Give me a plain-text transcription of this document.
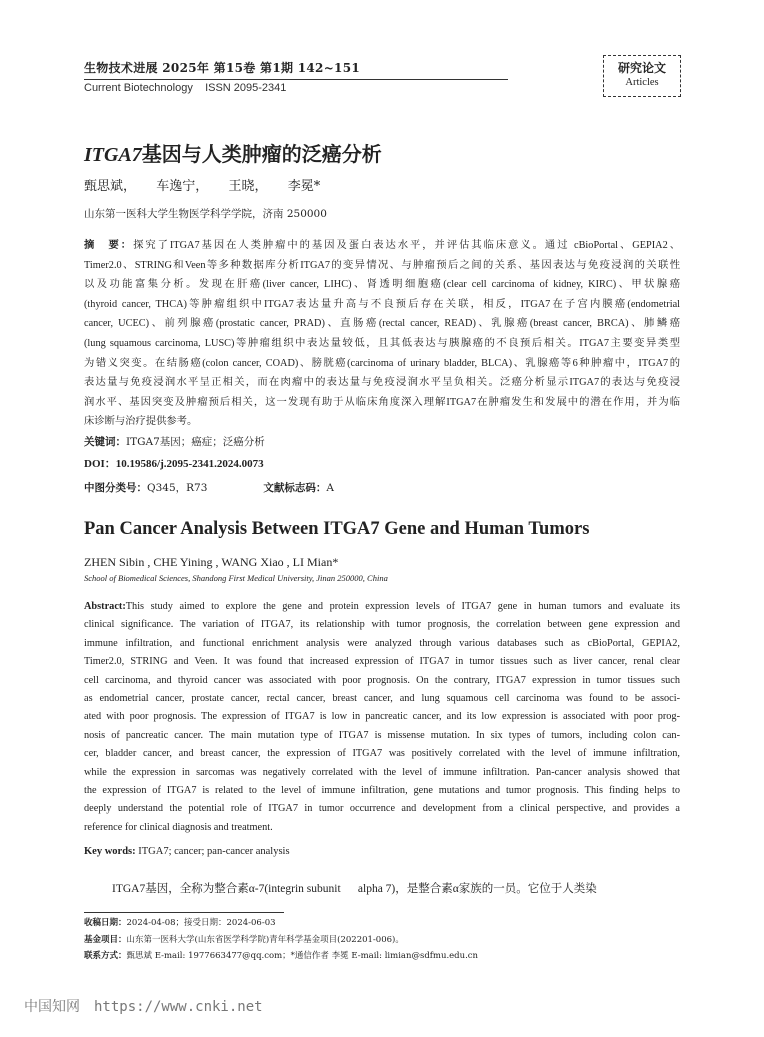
生物技术进展 2025年 第15卷 第1期 142~151
Current Biotechnology    ISSN 2095-2341
研究论文
Articles
ITGA7基因与人类肿瘤的泛癌分析
甄思斌，  车逸宁，  王晓，  李冕*
山东第一医科大学生物医学科学学院，济南 250000
摘　要：探究了ITGA7基因在人类肿瘤中的基因及蛋白表达水平，并评估其临床意义。通过 cBioPortal、GEPIA2、
Timer2.0、STRING和Veen等多种数据库分析ITGA7的变异情况、与肿瘤预后之间的关系、基因表达与免疫浸润的关联性
以及功能富集分析。发现在肝癌(liver cancer, LIHC)、肾透明细胞癌(clear cell carcinoma of kidney, KIRC)、甲状腺癌
(thyroid cancer, THCA)等肿瘤组织中ITGA7表达量升高与不良预后存在关联，相反，ITGA7在子宫内膜癌(endometrial
cancer, UCEC)、前列腺癌(prostatic cancer, PRAD)、直肠癌(rectal cancer, READ)、乳腺癌(breast cancer, BRCA)、肺鳞癌
(lung squamous carcinoma, LUSC)等肿瘤组织中表达量较低，且其低表达与胰腺癌的不良预后相关。ITGA7主要变异类型
为错义突变。在结肠癌(colon cancer, COAD)、膀胱癌(carcinoma of urinary bladder, BLCA)、乳腺癌等6种肿瘤中，ITGA7的
表达量与免疫浸润水平呈正相关，而在肉瘤中的表达量与免疫浸润水平呈负相关。泛癌分析显示ITGA7的表达与免疫浸
润水平、基因突变及肿瘤预后相关，这一发现有助于从临床角度深入理解ITGA7在肿瘤发生和发展中的潜在作用，并为临
床诊断与治疗提供参考。
关键词：ITGA7基因；癌症；泛癌分析
DOI：10.19586/j.2095-2341.2024.0073
中图分类号：Q345，R73	文献标志码：A
Pan Cancer Analysis Between ITGA7 Gene and Human Tumors
ZHEN Sibin , CHE Yining , WANG Xiao , LI Mian*
School of Biomedical Sciences, Shandong First Medical University, Jinan 250000, China
Abstract:This study aimed to explore the gene and protein expression levels of ITGA7 gene in human tumors and evaluate its
clinical significance. The variation of ITGA7, its relationship with tumor prognosis, the correlation between gene expression and
immune infiltration, and functional enrichment analysis were analyzed through various databases such as cBioPortal, GEPIA2,
Timer2.0, STRING and Veen. It was found that increased expression of ITGA7 in tumor tissues such as liver cancer, renal clear
cell carcinoma, and thyroid cancer was associated with poor prognosis. On the contrary, ITGA7 expression in tumor tissues such
as endometrial cancer, prostate cancer, rectal cancer, breast cancer, and lung squamous cell carcinoma was found to be associ-
ated with poor prognosis. The expression of ITGA7 is low in pancreatic cancer, and its low expression is associated with poor prog-
nosis of pancreatic cancer. The main mutation type of ITGA7 is missense mutation. In six types of tumors, including colon can-
cer, bladder cancer, and breast cancer, the expression of ITGA7 was positively correlated with the level of immune infiltration,
while the expression in sarcomas was negatively correlated with the level of immune infiltration. Pan-cancer analysis showed that
the expression of ITGA7 is related to the level of immune infiltration, gene mutations and tumor prognosis. This finding helps to
deeply understand the potential role of ITGA7 in tumor occurrence and development from a clinical perspective, and provides a
reference for clinical diagnosis and treatment.
Key words: ITGA7; cancer; pan-cancer analysis
ITGA7基因，全称为整合素α-7(integrin subunit      alpha 7)，是整合素α家族的一员。它位于人类染
收稿日期：2024-04-08；接受日期：2024-06-03
基金项目：山东第一医科大学(山东省医学科学院)青年科学基金项目(202201-006)。
联系方式：甄思斌 E-mail: 1977663477@qq.com；*通信作者 李冕 E-mail: limian@sdfmu.edu.cn
中国知网 https://www.cnki.net
